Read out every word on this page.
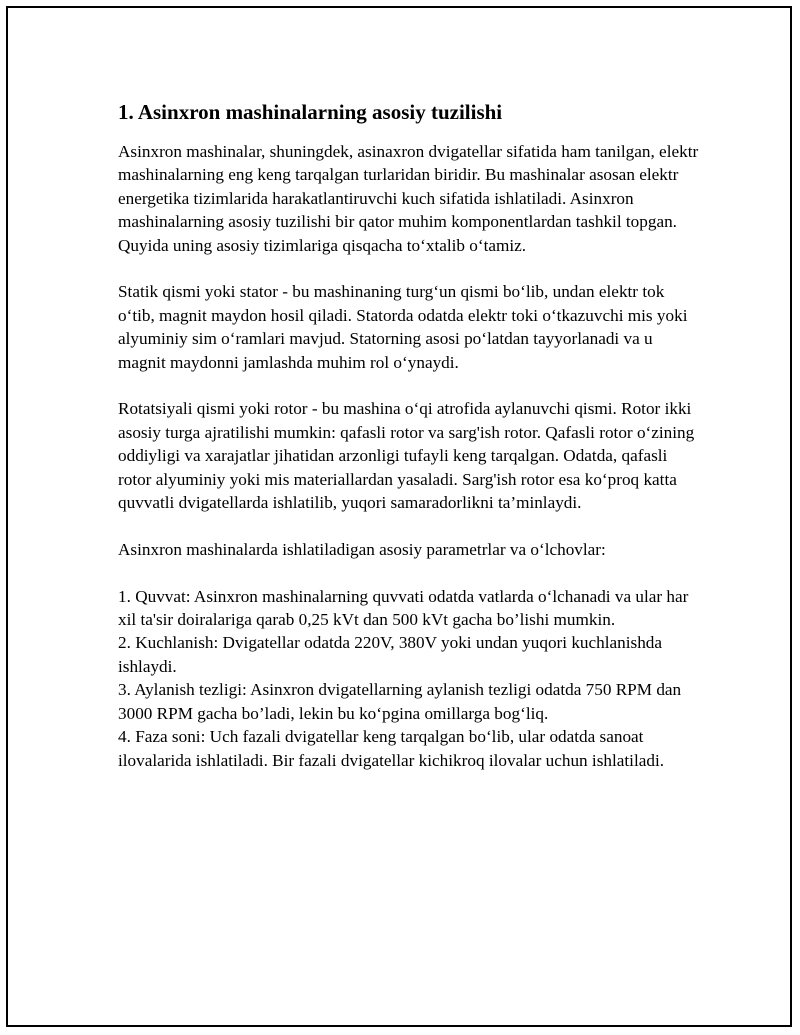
1. Asinxron mashinalarning asosiy tuzilishi

Asinxron mashinalar, shuningdek, asinaxron dvigatellar sifatida ham tanilgan, elektr mashinalarning eng keng tarqalgan turlaridan biridir. Bu mashinalar asosan elektr energetika tizimlarida harakatlantiruvchi kuch sifatida ishlatiladi. Asinxron mashinalarning asosiy tuzilishi bir qator muhim komponentlardan tashkil topgan. Quyida uning asosiy tizimlariga qisqacha to‘xtalib o‘tamiz.

Statik qismi yoki stator - bu mashinaning turg‘un qismi bo‘lib, undan elektr tok o‘tib, magnit maydon hosil qiladi. Statorda odatda elektr toki o‘tkazuvchi mis yoki alyuminiy sim o‘ramlari mavjud. Statorning asosi po‘latdan tayyorlanadi va u magnit maydonni jamlashda muhim rol o‘ynaydi.

Rotatsiyali qismi yoki rotor - bu mashina o‘qi atrofida aylanuvchi qismi. Rotor ikki asosiy turga ajratilishi mumkin: qafasli rotor va sarg'ish rotor. Qafasli rotor o‘zining oddiyligi va xarajatlar jihatidan arzonligi tufayli keng tarqalgan. Odatda, qafasli rotor alyuminiy yoki mis materiallardan yasaladi. Sarg'ish rotor esa ko‘proq katta quvvatli dvigatellarda ishlatilib, yuqori samaradorlikni ta’minlaydi.

Asinxron mashinalarda ishlatiladigan asosiy parametrlar va o‘lchovlar:

1. Quvvat: Asinxron mashinalarning quvvati odatda vatlarda o‘lchanadi va ular har xil ta'sir doiralariga qarab 0,25 kVt dan 500 kVt gacha bo’lishi mumkin.

2. Kuchlanish: Dvigatellar odatda 220V, 380V yoki undan yuqori kuchlanishda ishlaydi.

3. Aylanish tezligi: Asinxron dvigatellarning aylanish tezligi odatda 750 RPM dan 3000 RPM gacha bo’ladi, lekin bu ko‘pgina omillarga bog‘liq.

4. Faza soni: Uch fazali dvigatellar keng tarqalgan bo‘lib, ular odatda sanoat ilovalarida ishlatiladi. Bir fazali dvigatellar kichikroq ilovalar uchun ishlatiladi.
